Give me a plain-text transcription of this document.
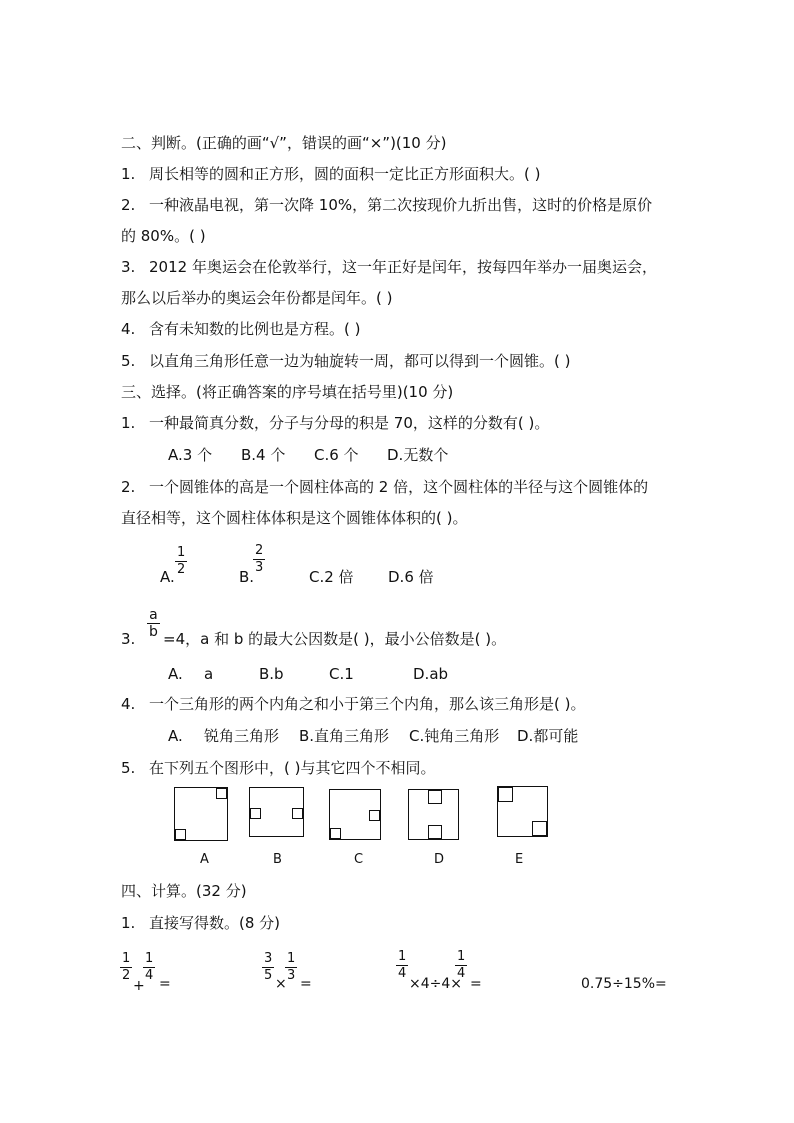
二、判断。(正确的画“√”，错误的画“×”)(10 分)
1. 周长相等的圆和正方形，圆的面积一定比正方形面积大。( )
2. 一种液晶电视，第一次降 10%，第二次按现价九折出售，这时的价格是原价
的 80%。( )
3. 2012 年奥运会在伦敦举行，这一年正好是闰年，按每四年举办一届奥运会，
那么以后举办的奥运会年份都是闰年。( )
4. 含有未知数的比例也是方程。( )
5. 以直角三角形任意一边为轴旋转一周，都可以得到一个圆锥。( )
三、选择。(将正确答案的序号填在括号里)(10 分)
1. 一种最简真分数，分子与分母的积是 70，这样的分数有( )。
A.3 个 B.4 个 C.6 个 D.无数个
2. 一个圆锥体的高是一个圆柱体高的 2 倍，这个圆柱体的半径与这个圆锥体的
直径相等，这个圆柱体体积是这个圆锥体体积的( )。
A.
1
2	B.
2
3
C.2 倍 D.6 倍
3.
a
b =4，a 和 b 的最大公因数是( )，最小公倍数是( )。
A. a	B.b	C.1	D.ab
4. 一个三角形的两个内角之和小于第三个内角，那么该三角形是( )。
A. 锐角三角形 B.直角三角形 C.钝角三角形 D.都可能
5. 在下列五个图形中，( )与其它四个不相同。
A	B	C	D	E
四、计算。(32 分)
1. 直接写得数。(8 分)
1
2
+
1
4
=
3
5
×
1
3
=
1
4
×4÷4×
1
4
=	0.75÷15%=
